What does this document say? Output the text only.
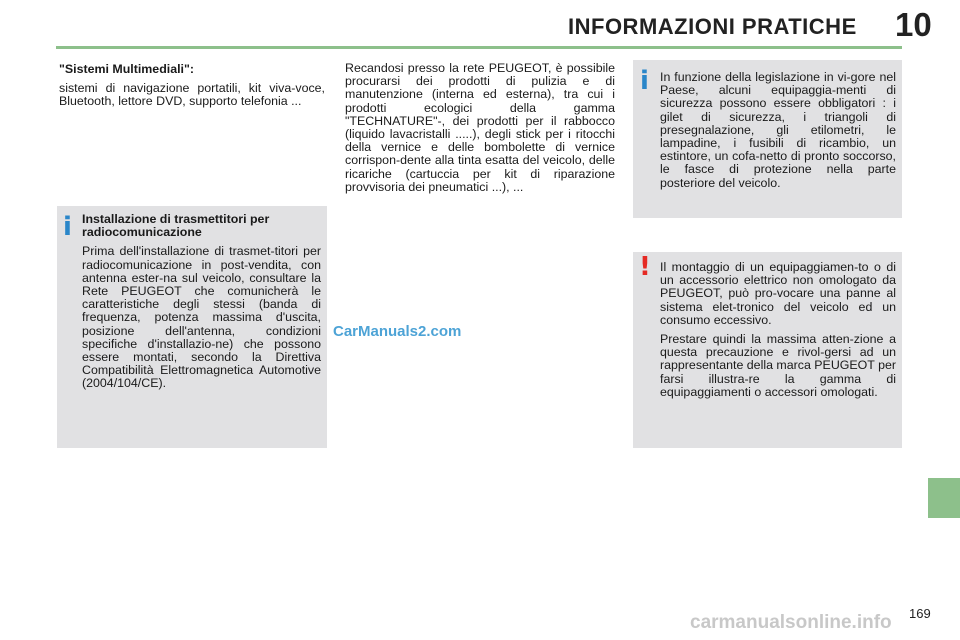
INFORMAZIONI PRATICHE 10

"Sistemi Multimediali":

sistemi di navigazione portatili, kit viva-voce, Bluetooth, lettore DVD, supporto telefonia ...

Recandosi presso la rete PEUGEOT, è possibile procurarsi dei prodotti di pulizia e di manutenzione (interna ed esterna), tra cui i prodotti ecologici della gamma "TECHNATURE"-, dei prodotti per il rabbocco (liquido lavacristalli .....), degli stick per i ritocchi della vernice e delle bombolette di vernice corrispon-dente alla tinta esatta del veicolo, delle ricariche (cartuccia per kit di riparazione provvisoria dei pneumatici ...), ...

i Installazione di trasmettitori per radiocomunicazione

Prima dell'installazione di trasmet-titori per radiocomunicazione in post-vendita, con antenna ester-na sul veicolo, consultare la Rete PEUGEOT che comunicherà le caratteristiche degli stessi (banda di frequenza, potenza massima d'uscita, posizione dell'antenna, condizioni specifiche d'installazio-ne) che possono essere montati, secondo la Direttiva Compatibilità Elettromagnetica Automotive (2004/104/CE).

i In funzione della legislazione in vi-gore nel Paese, alcuni equipaggia-menti di sicurezza possono essere obbligatori : i gilet di sicurezza, i triangoli di presegnalazione, gli etilometri, le lampadine, i fusibili di ricambio, un estintore, un cofa-netto di pronto soccorso, le fasce di protezione nella parte posteriore del veicolo.

! Il montaggio di un equipaggiamen-to o di un accessorio elettrico non omologato da PEUGEOT, può pro-vocare una panne al sistema elet-tronico del veicolo ed un consumo eccessivo.

Prestare quindi la massima atten-zione a questa precauzione e rivol-gersi ad un rappresentante della marca PEUGEOT per farsi illustra-re la gamma di equipaggiamenti o accessori omologati.

CarManuals2.com
169
carmanualsonline.info
